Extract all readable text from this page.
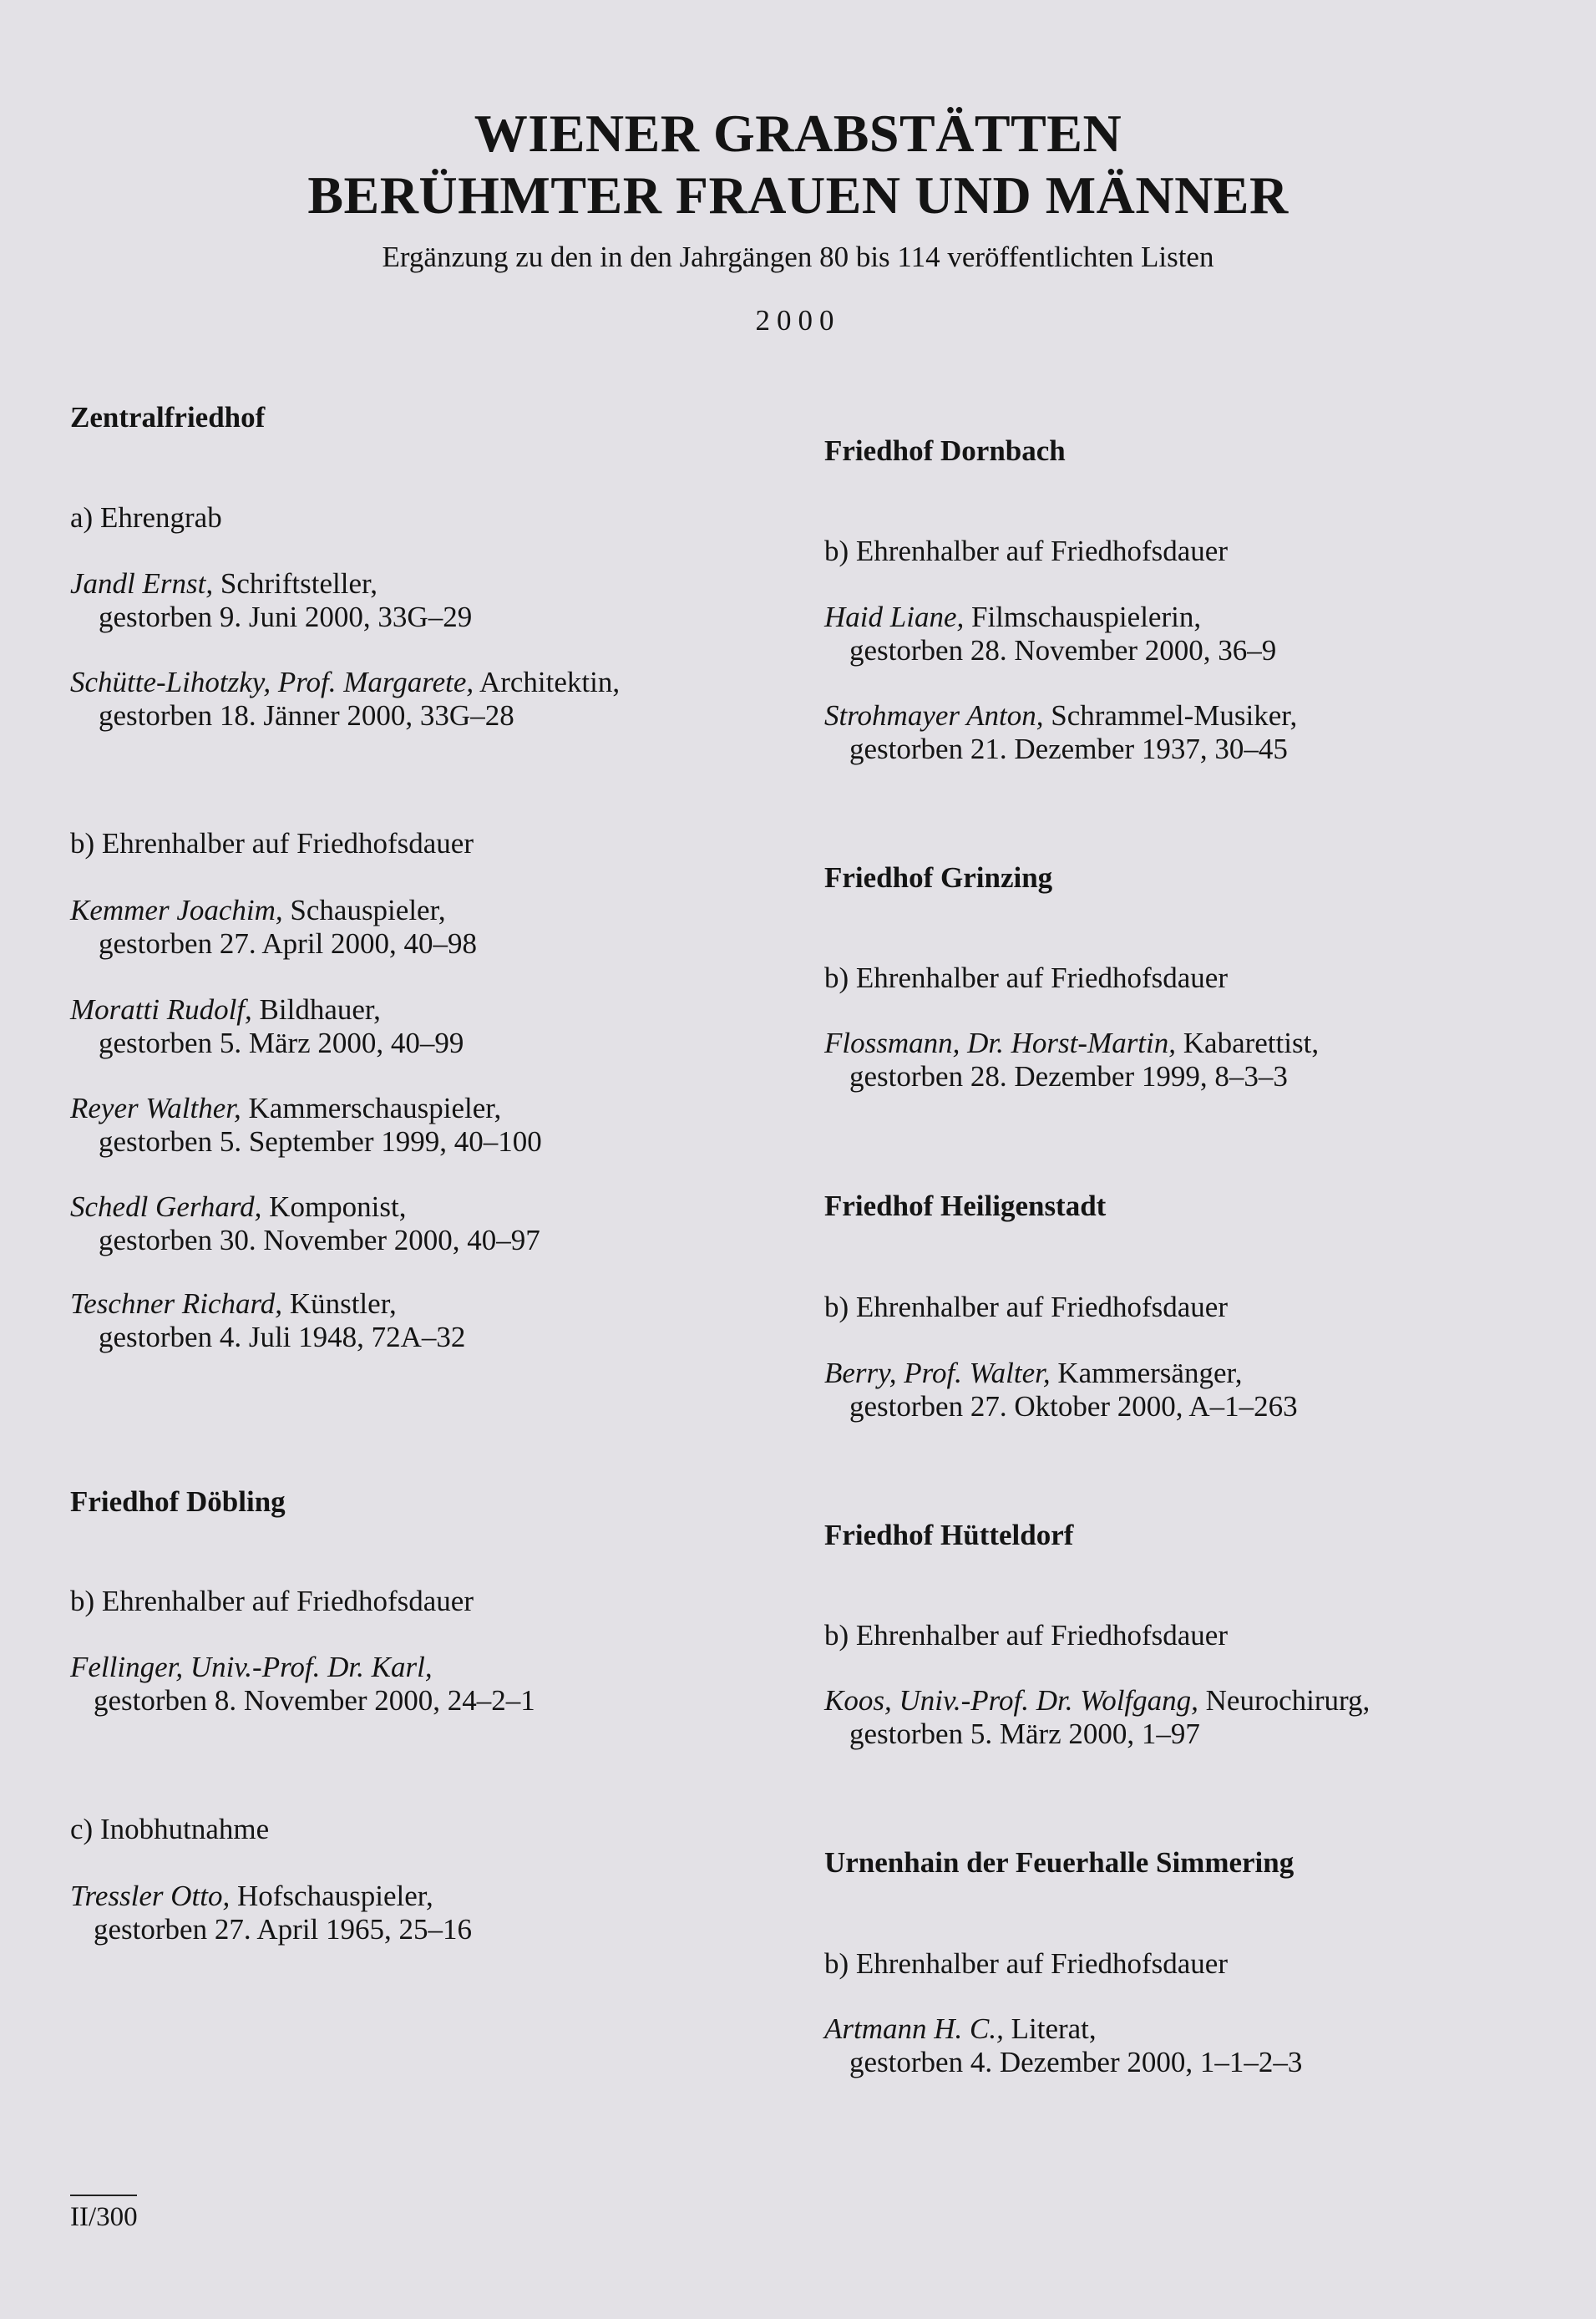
WIENER GRABSTÄTTEN
BERÜHMTER FRAUEN UND MÄNNER
Ergänzung zu den in den Jahrgängen 80 bis 114 veröffentlichten Listen
2000
Zentralfriedhof
a) Ehrengrab
Jandl Ernst, Schriftsteller,
gestorben 9. Juni 2000, 33G–29
Schütte-Lihotzky, Prof. Margarete, Architektin,
gestorben 18. Jänner 2000, 33G–28
b) Ehrenhalber auf Friedhofsdauer
Kemmer Joachim, Schauspieler,
gestorben 27. April 2000, 40–98
Moratti Rudolf, Bildhauer,
gestorben 5. März 2000, 40–99
Reyer Walther, Kammerschauspieler,
gestorben 5. September 1999, 40–100
Schedl Gerhard, Komponist,
gestorben 30. November 2000, 40–97
Teschner Richard, Künstler,
gestorben 4. Juli 1948, 72A–32
Friedhof Döbling
b) Ehrenhalber auf Friedhofsdauer
Fellinger, Univ.-Prof. Dr. Karl,
gestorben 8. November 2000, 24–2–1
c) Inobhutnahme
Tressler Otto, Hofschauspieler,
gestorben 27. April 1965, 25–16
Friedhof Dornbach
b) Ehrenhalber auf Friedhofsdauer
Haid Liane, Filmschauspielerin,
gestorben 28. November 2000, 36–9
Strohmayer Anton, Schrammel-Musiker,
gestorben 21. Dezember 1937, 30–45
Friedhof Grinzing
b) Ehrenhalber auf Friedhofsdauer
Flossmann, Dr. Horst-Martin, Kabarettist,
gestorben 28. Dezember 1999, 8–3–3
Friedhof Heiligenstadt
b) Ehrenhalber auf Friedhofsdauer
Berry, Prof. Walter, Kammersänger,
gestorben 27. Oktober 2000, A–1–263
Friedhof Hütteldorf
b) Ehrenhalber auf Friedhofsdauer
Koos, Univ.-Prof. Dr. Wolfgang, Neurochirurg,
gestorben 5. März 2000, 1–97
Urnenhain der Feuerhalle Simmering
b) Ehrenhalber auf Friedhofsdauer
Artmann H. C., Literat,
gestorben 4. Dezember 2000, 1–1–2–3
II/300
